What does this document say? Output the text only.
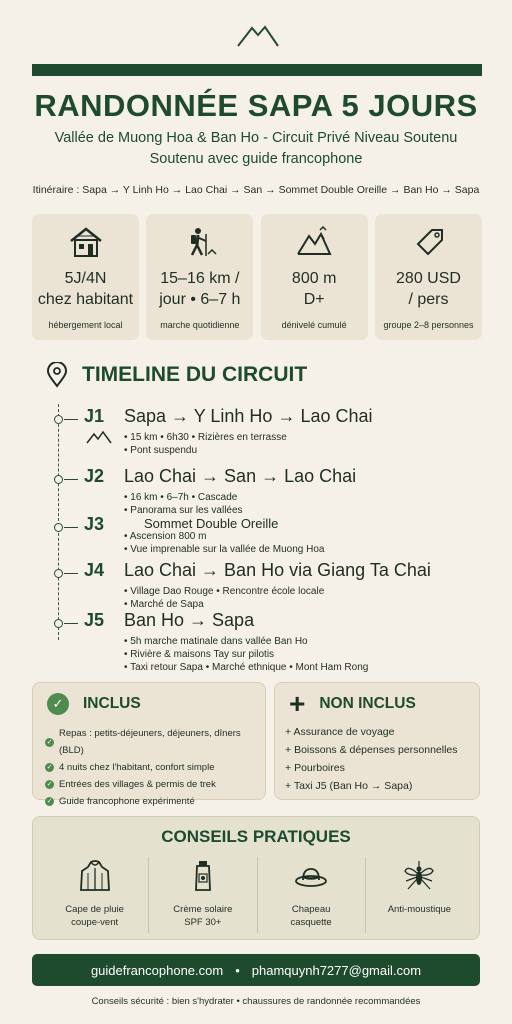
RANDONNÉE SAPA 5 JOURS
Vallée de Muong Hoa & Ban Ho - Circuit Privé Niveau Soutenu
Soutenu avec guide francophone
Itinéraire : Sapa → Y Linh Ho → Lao Chai → San → Sommet Double Oreille → Ban Ho → Sapa
5J/4N
chez habitant
hébergement local
15–16 km /
jour • 6–7 h
marche quotidienne
800 m
D+
dénivelé cumulé
280 USD
/ pers
groupe 2–8 personnes
TIMELINE DU CIRCUIT
J1 Sapa → Y Linh Ho → Lao Chai
• 15 km • 6h30 • Rizières en terrasse
• Pont suspendu
J2 Lao Chai → San → Lao Chai
• 16 km • 6–7h • Cascade
• Panorama sur les vallées
J3	Sommet Double Oreille
• Ascension 800 m
• Vue imprenable sur la vallée de Muong Hoa
J4 Lao Chai → Ban Ho via Giang Ta Chai
• Village Dao Rouge • Rencontre école locale
• Marché de Sapa
J5 Ban Ho → Sapa
• 5h marche matinale dans vallée Ban Ho
• Rivière & maisons Tay sur pilotis
• Taxi retour Sapa • Marché ethnique • Mont Ham Rong
✓	INCLUS
✓
Repas : petits-déjeuners, déjeuners, dîners (BLD)
✓ 4 nuits chez l'habitant, confort simple
✓ Entrées des villages & permis de trek
✓ Guide francophone expérimenté
+ NON INCLUS
+ Assurance de voyage
+ Boissons & dépenses personnelles
+ Pourboires
+ Taxi J5 (Ban Ho → Sapa)
CONSEILS PRATIQUES
Cape de pluie
coupe-vent
Crème solaire
SPF 30+
Chapeau
casquette
Anti-moustique
guidefrancophone.com • phamquynh7277@gmail.com
Conseils sécurité : bien s'hydrater • chaussures de randonnée recommandées
